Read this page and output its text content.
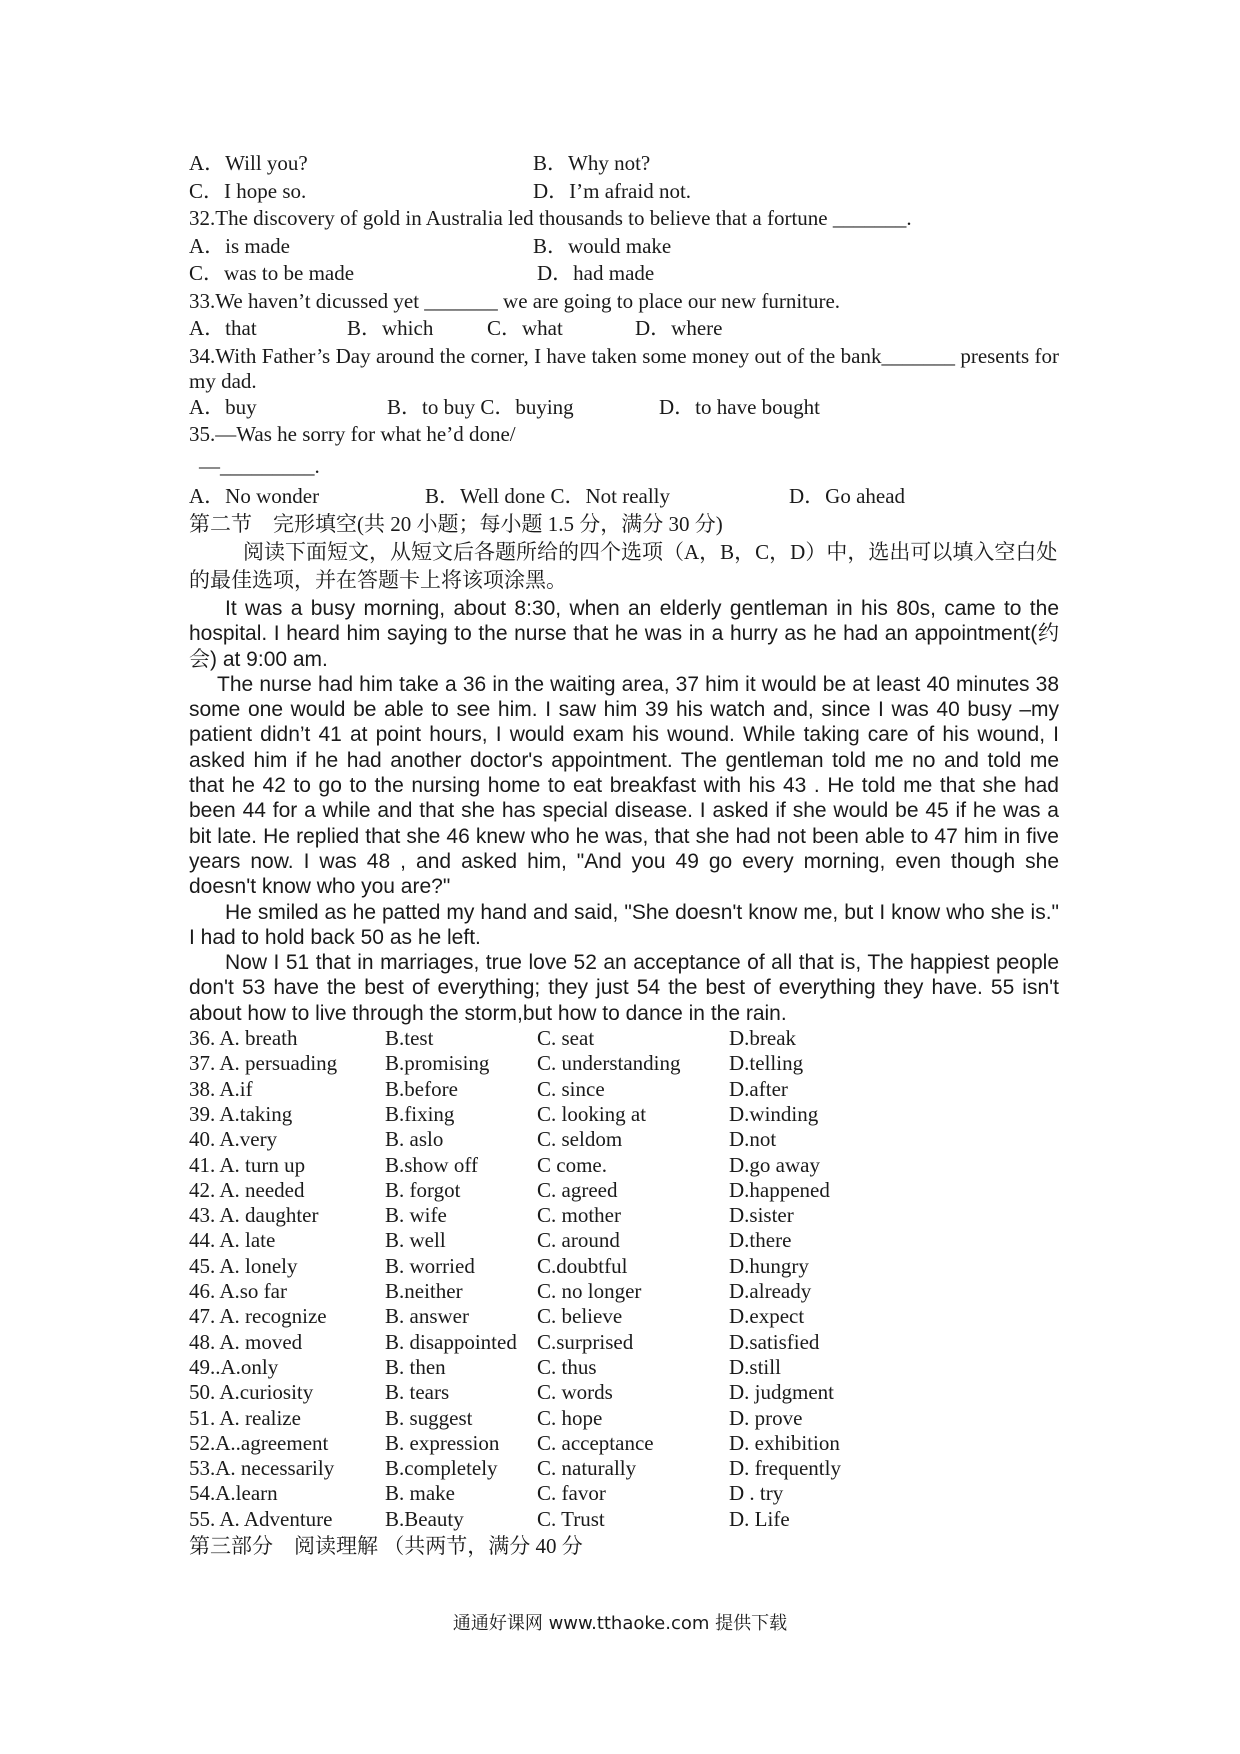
A．Will you?	B．Why not?
C．I hope so.	D．I’m afraid not.
32.The discovery of gold in Australia led thousands to believe that a fortune _______.
A．is made	B．would make
C．was to be made	D．had made
33.We haven’t dicussed yet _______ we are going to place our new furniture.
A．that	B．which	C．what	D．where
34.With Father’s Day around the corner, I have taken some money out of the bank_______ presents for my dad.
A．buy	B．to buy C．buying	D．to have bought
35.—Was he sorry for what he’d done/
—_________.
A．No wonder	B．Well done C．Not really	D．Go ahead
第二节　完形填空(共 20 小题；每小题 1.5 分，满分 30 分)
阅读下面短文，从短文后各题所给的四个选项（A，B，C，D）中，选出可以填入空白处的最佳选项，并在答题卡上将该项涂黑。
It was a busy morning, about 8:30, when an elderly gentleman in his 80s, came to the hospital. I heard him saying to the nurse that he was in a hurry as he had an appointment(约会) at 9:00 am.
The nurse had him take a 36 in the waiting area, 37 him it would be at least 40 minutes 38 some one would be able to see him. I saw him 39 his watch and, since I was 40 busy –my patient didn’t 41 at point hours, I would exam his wound. While taking care of his wound, I asked him if he had another doctor's appointment. The gentleman told me no and told me that he 42 to go to the nursing home to eat breakfast with his 43 . He told me that she had been 44 for a while and that she has special disease. I asked if she would be 45 if he was a bit late. He replied that she 46 knew who he was, that she had not been able to 47 him in five years now. I was 48 , and asked him, "And you 49 go every morning, even though she doesn't know who you are?"
He smiled as he patted my hand and said, "She doesn't know me, but I know who she is." I had to hold back 50 as he left.
Now I 51 that in marriages, true love 52 an acceptance of all that is, The happiest people don't 53 have the best of everything; they just 54 the best of everything they have. 55 isn't about how to live through the storm,but how to dance in the rain.
36. A. breath	B.test	C. seat	D.break
37. A. persuading B.promising C. understanding D.telling
38. A.if	B.before	C. since	D.after
39. A.taking	B.fixing	C. looking at	D.winding
40. A.very	B. aslo	C. seldom	D.not
41. A. turn up	B.show off	C come.	D.go away
42. A. needed	B. forgot	C. agreed	D.happened
43. A. daughter	B. wife	C. mother	D.sister
44. A. late	B. well	C. around	D.there
45. A. lonely	B. worried	C.doubtful	D.hungry
46. A.so far	B.neither	C. no longer	D.already
47. A. recognize	B. answer	C. believe	D.expect
48. A. moved	B. disappointed C.surprised	D.satisfied
49..A.only	B. then	C. thus	D.still
50. A.curiosity	B. tears	C. words	D. judgment
51. A. realize	B. suggest	C. hope	D. prove
52.A..agreement	B. expression C. acceptance	D. exhibition
53.A. necessarily B.completely C. naturally	D. frequently
54.A.learn	B. make	C. favor	D . try
55. A. Adventure	B.Beauty	C. Trust	D. Life
第三部分　阅读理解 （共两节，满分 40 分
通通好课网 www.tthaoke.com 提供下载
